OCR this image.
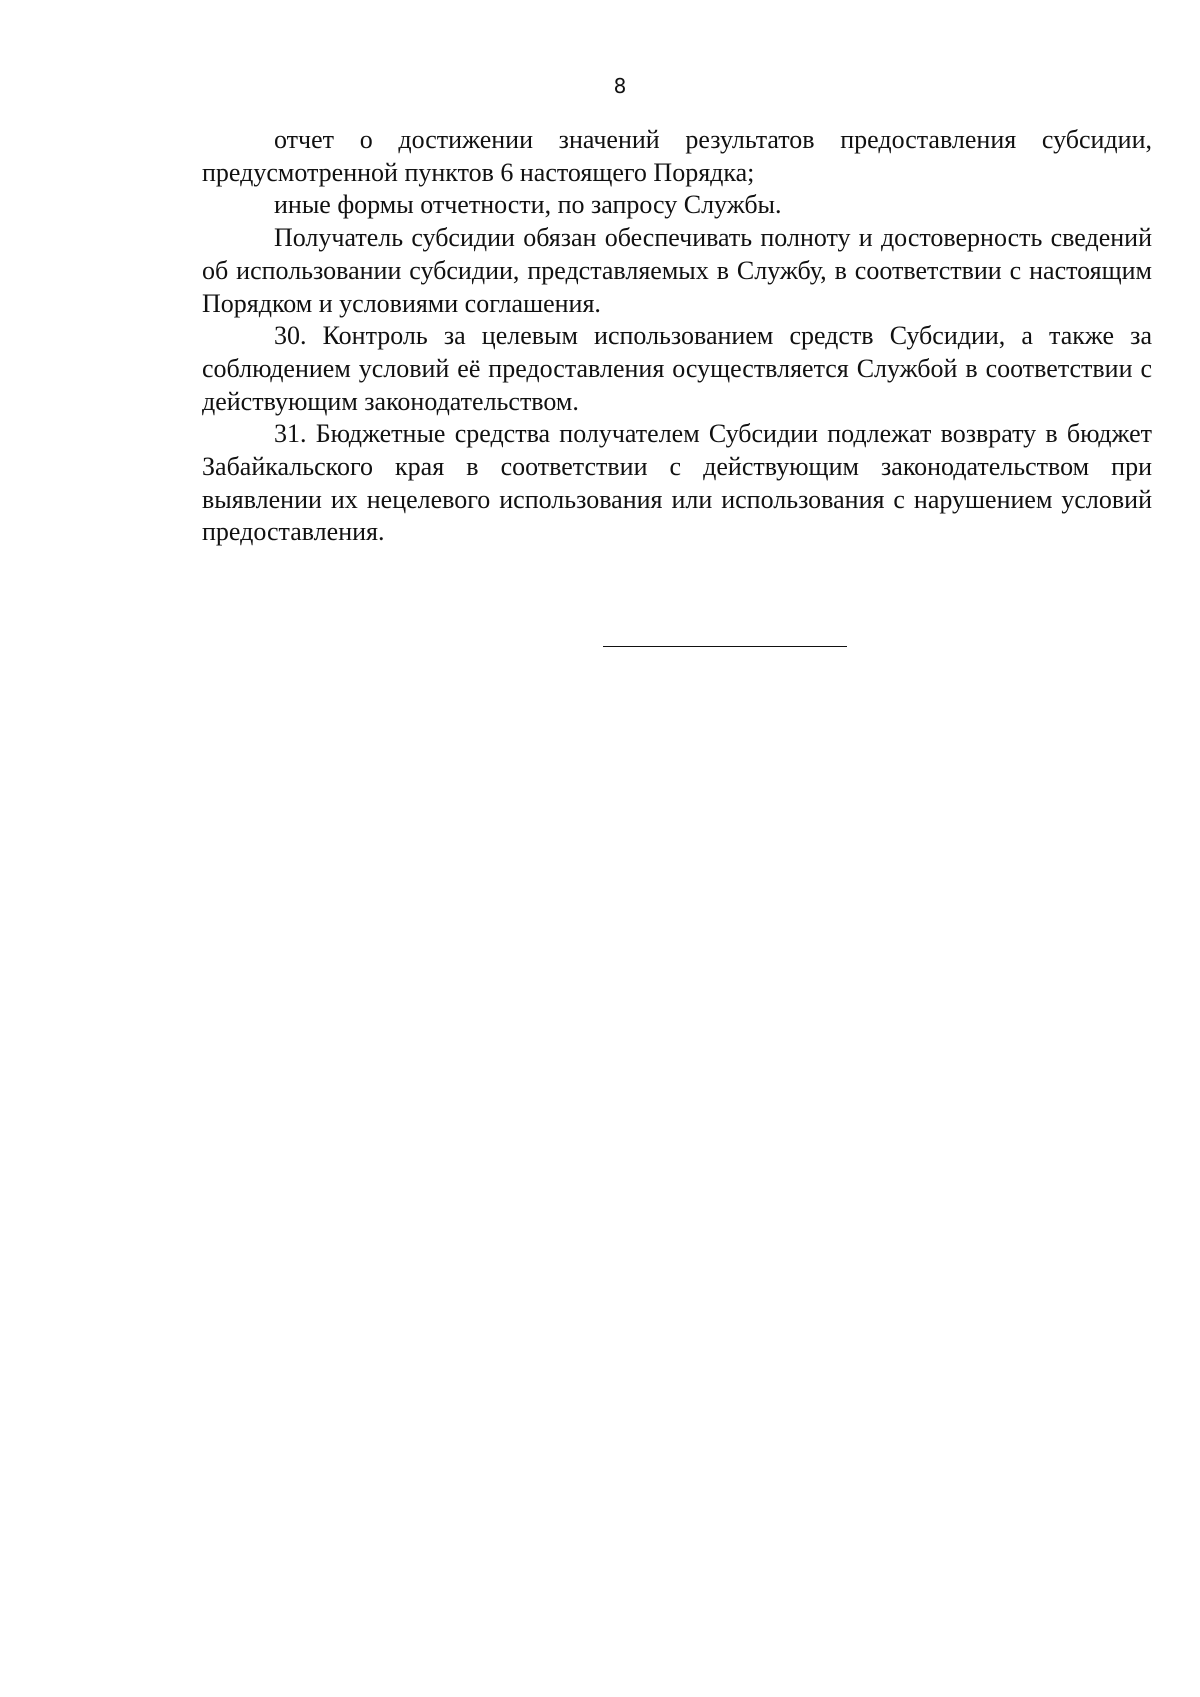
8

отчет о достижении значений результатов предоставления субсидии, предусмотренной пунктов 6 настоящего Порядка;

иные формы отчетности, по запросу Службы.

Получатель субсидии обязан обеспечивать полноту и достоверность сведений об использовании субсидии, представляемых в Службу, в соответствии с настоящим Порядком и условиями соглашения.

30. Контроль за целевым использованием средств Субсидии, а также за соблюдением условий её предоставления осуществляется Службой в соответствии с действующим законодательством.

31. Бюджетные средства получателем Субсидии подлежат возврату в бюджет Забайкальского края в соответствии с действующим законодательством при выявлении их нецелевого использования или использования с нарушением условий предоставления.
